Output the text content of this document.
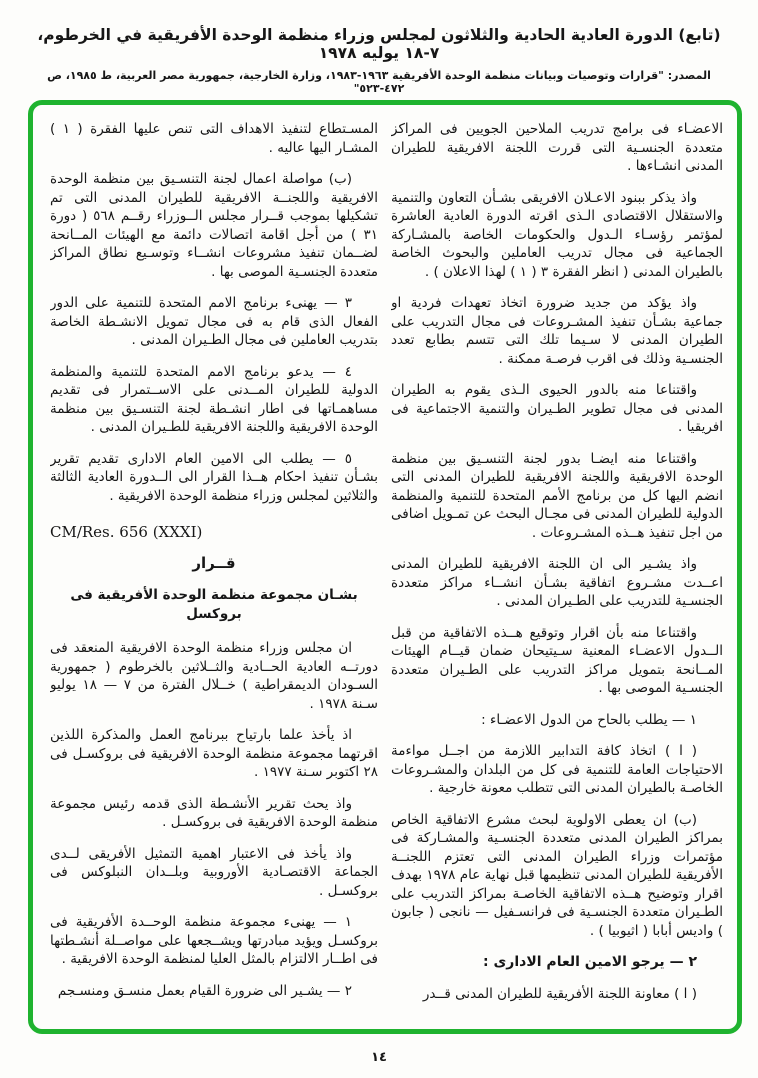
(تابع) الدورة العادية الحادية والثلاثون لمجلس وزراء منظمة الوحدة الأفريقية في الخرطوم، ٧-١٨ يوليه ١٩٧٨
المصدر: "قرارات وتوصيات وبيانات منظمة الوحدة الأفريقية ١٩٦٣-١٩٨٣، وزارة الخارجية، جمهورية مصر العربية، ط ١٩٨٥، ص ٤٧٢-٥٢٣"

الاعضـاء فى برامج تدريب الملاحين الجويين فى المراكز متعددة الجنسـية التى قررت اللجنة الافريقية للطيران المدنى انشـاءها .

واذ يذكر ببنود الاعـلان الافريقى بشـأن التعاون والتنمية والاستقلال الاقتصادى الـذى اقرته الدورة العادية العاشرة لمؤتمر رؤسـاء الـدول والحكومات الخاصة بالمشـاركة الجماعية فى مجال تدريب العاملين والبحوث الخاصة بالطيران المدنى ( انظر الفقرة ٣ ( ١ ) لهذا الاعلان ) .

واذ يؤكد من جديد ضرورة اتخاذ تعهدات فردية او جماعية بشـأن تنفيذ المشـروعات فى مجال التدريب على الطيران المدنى لا سـيما تلك التى تتسم بطابع تعدد الجنسـية وذلك فى اقرب فرصـة ممكنة .

واقتناعا منه بالدور الحيوى الـذى يقوم به الطيران المدنى فى مجال تطوير الطـيران والتنمية الاجتماعية فى افريقيا .

واقتناعا منه ايضـا بدور لجنة التنسـيق بين منظمة الوحدة الافريقية واللجنة الافريقية للطيران المدنى التى انضم اليها كل من برنامج الأمم المتحدة للتنمية والمنظمة الدولية للطيران المدنى فى مجـال البحث عن تمـويل اضافى من اجل تنفيذ هــذه المشـروعات .

واذ يشـير الى ان اللجنة الافريقية للطيران المدنى اعــدت مشـروع اتفاقية بشـأن انشــاء مراكز متعددة الجنسـية للتدريب على الطـيران المدنى .

واقتناعا منه بأن اقرار وتوقيع هــذه الاتفاقية من قبل الــدول الاعضـاء المعنية سـيتيحان ضمان قيــام الهيئات المــانحة بتمويل مراكز التدريب على الطـيران متعددة الجنسـية الموصى بها .

١ — يطلب بالحاح من الدول الاعضـاء :

( ا ) اتخاذ كافة التدابير اللازمة من اجــل مواءمة الاحتياجات العامة للتنمية فى كل من البلدان والمشـروعات الخاصـة بالطيران المدنى التى تتطلب معونة خارجية .

(ب) ان يعطى الاولوية لبحث مشرع الاتفاقية الخاص بمراكز الطيران المدنى متعددة الجنسـية والمشـاركة فى مؤتمرات وزراء الطيران المدنى التى تعتزم اللجنــة الأفريقية للطيران المدنى تنظيمها قبل نهاية عام ١٩٧٨ بهدف اقرار وتوضيح هــذه الاتفاقية الخاصـة بمراكز التدريب على الطـيران متعددة الجنسـية فى فرانسـفيل — نانجى ( جابون ) واديس أبابا ( اثيوبيا ) .

٢ — يرجو الامين العام الادارى :

( ا ) معاونة اللجنة الأفريقية للطيران المدنى قــدر

المسـتطاع لتنفيذ الاهداف التى تنص عليها الفقرة ( ١ ) المشـار اليها عاليه .

(ب) مواصلة اعمال لجنة التنسـيق بين منظمة الوحدة الافريقية واللجنــة الافريقية للطيران المدنى التى تم تشكيلها بموجب قــرار مجلس الــوزراء رقــم ٥٦٨ ( دورة ٣١ ) من أجل اقامة اتصالات دائمة مع الهيئات المــانحة لضــمان تنفيذ مشروعات انشــاء وتوسـيع نطاق المراكز متعددة الجنسـية الموصى بها .

٣ — يهنىء برنامج الامم المتحدة للتنمية على الدور الفعال الذى قام به فى مجال تمويل الانشـطة الخاصة بتدريب العاملين فى مجال الطـيران المدنى .

٤ — يدعو برنامج الامم المتحدة للتنمية والمنظمة الدولية للطيران المــدنى على الاســتمرار فى تقديم مساهمـاتها فى اطار انشـطة لجنة التنسـيق بين منظمة الوحدة الافريقية واللجنة الافريقية للطـيران المدنى .

٥ — يطلب الى الامين العام الادارى تقديم تقرير بشـأن تنفيذ احكام هــذا القرار الى الــدورة العادية الثالثة والثلاثين لمجلس وزراء منظمة الوحدة الافريقية .

CM/Res. 656 (XXXI)
قــرار
بشـان مجموعة منظمة الوحدة الأفريقية فى بروكسل

ان مجلس وزراء منظمة الوحدة الافريقية المنعقد فى دورتــه العادية الحــادية والثــلاثين بالخرطوم ( جمهورية السـودان الديمقراطية ) خــلال الفترة من ٧ — ١٨ يوليو سـنة ١٩٧٨ .

اذ يأخذ علما بارتياح ببرنامج العمل والمذكرة اللذين اقرتهما مجموعة منظمة الوحدة الافريقية فى بروكسـل فى ٢٨ اكتوبر سـنة ١٩٧٧ .

واذ يحث تقرير الأنشـطة الذى قدمه رئيس مجموعة منظمة الوحدة الافريقية فى بروكسـل .

واذ يأخذ فى الاعتبار اهمية التمثيل الأفريقى لــدى الجماعة الاقتصـادية الأوروبية وبلــدان النبلوكس فى بروكسـل .

١ — يهنىء مجموعة منظمة الوحــدة الأفريقية فى بروكسـل ويؤيد مبادرتها ويشــجعها على مواصــلة أنشـطتها فى اطــار الالتزام بالمثل العليا لمنظمة الوحدة الافريقية .

٢ — يشـير الى ضرورة القيام بعمل منسـق ومنسـجم

١٤
